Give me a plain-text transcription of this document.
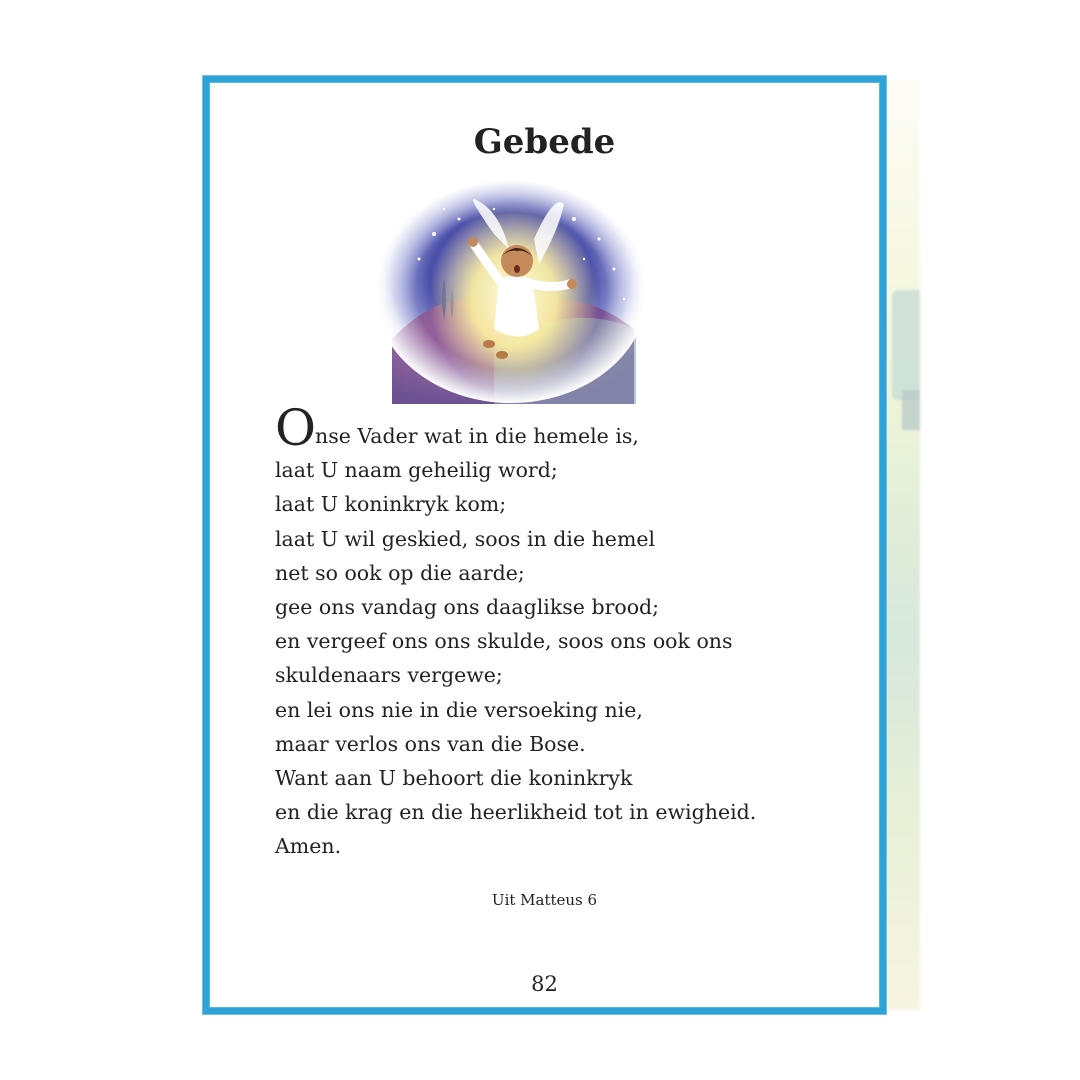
Gebede
Onse Vader wat in die hemele is,
laat U naam geheilig word;
laat U koninkryk kom;
laat U wil geskied, soos in die hemel
net so ook op die aarde;
gee ons vandag ons daaglikse brood;
en vergeef ons ons skulde, soos ons ook ons
skuldenaars vergewe;
en lei ons nie in die versoeking nie,
maar verlos ons van die Bose.
Want aan U behoort die koninkryk
en die krag en die heerlikheid tot in ewigheid.
Amen.
Uit Matteus 6
82
